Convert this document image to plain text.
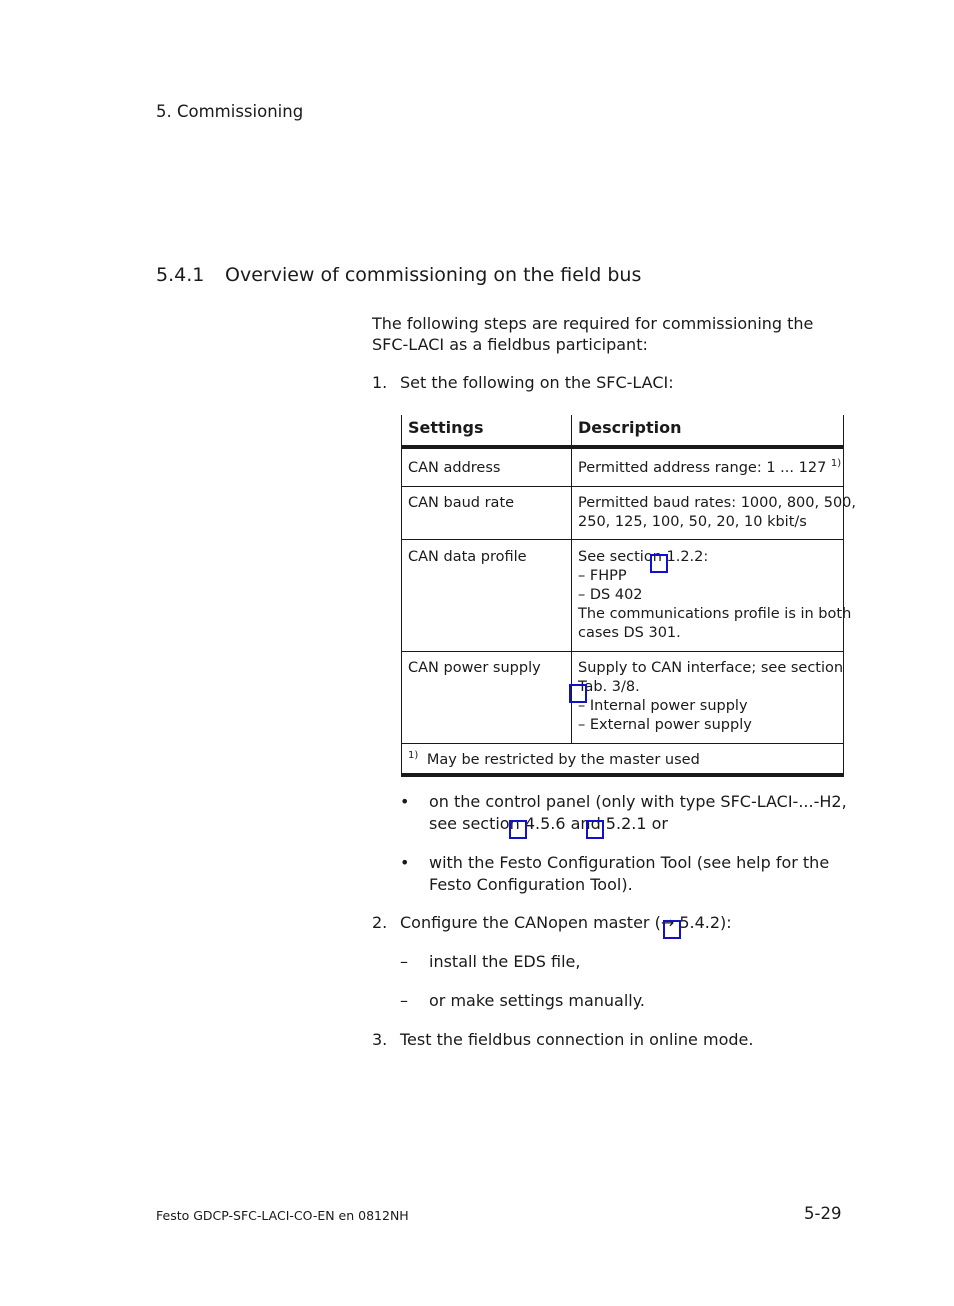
5. Commissioning
5.4.1 Overview of commissioning on the field bus
The following steps are required for commissioning the
SFC-LACI as a fieldbus participant:
1. Set the following on the SFC-LACI:
Settings	Description
CAN address	Permitted address range: 1 ... 127 $^{1)}$
CAN baud rate	Permitted baud rates: 1000, 800, 500,
250, 125, 100, 50, 20, 10 kbit/s
CAN data profile	See section 1.2.2:
– FHPP
– DS 402
The communications profile is in both
cases DS 301.
CAN power supply	Supply to CAN interface; see section
Tab. 3/8.
– Internal power supply
– External power supply
$^{1)}$ May be restricted by the master used
• on the control panel (only with type SFC-LACI-...-H2,
see section 4.5.6 and 5.2.1 or
• with the Festo Configuration Tool (see help for the
Festo Configuration Tool).
2. Configure the CANopen master (→ 5.4.2):
– install the EDS file,
– or make settings manually.
3. Test the fieldbus connection in online mode.
Festo GDCP-SFC-LACI-CO-EN en 0812NH	5-29
